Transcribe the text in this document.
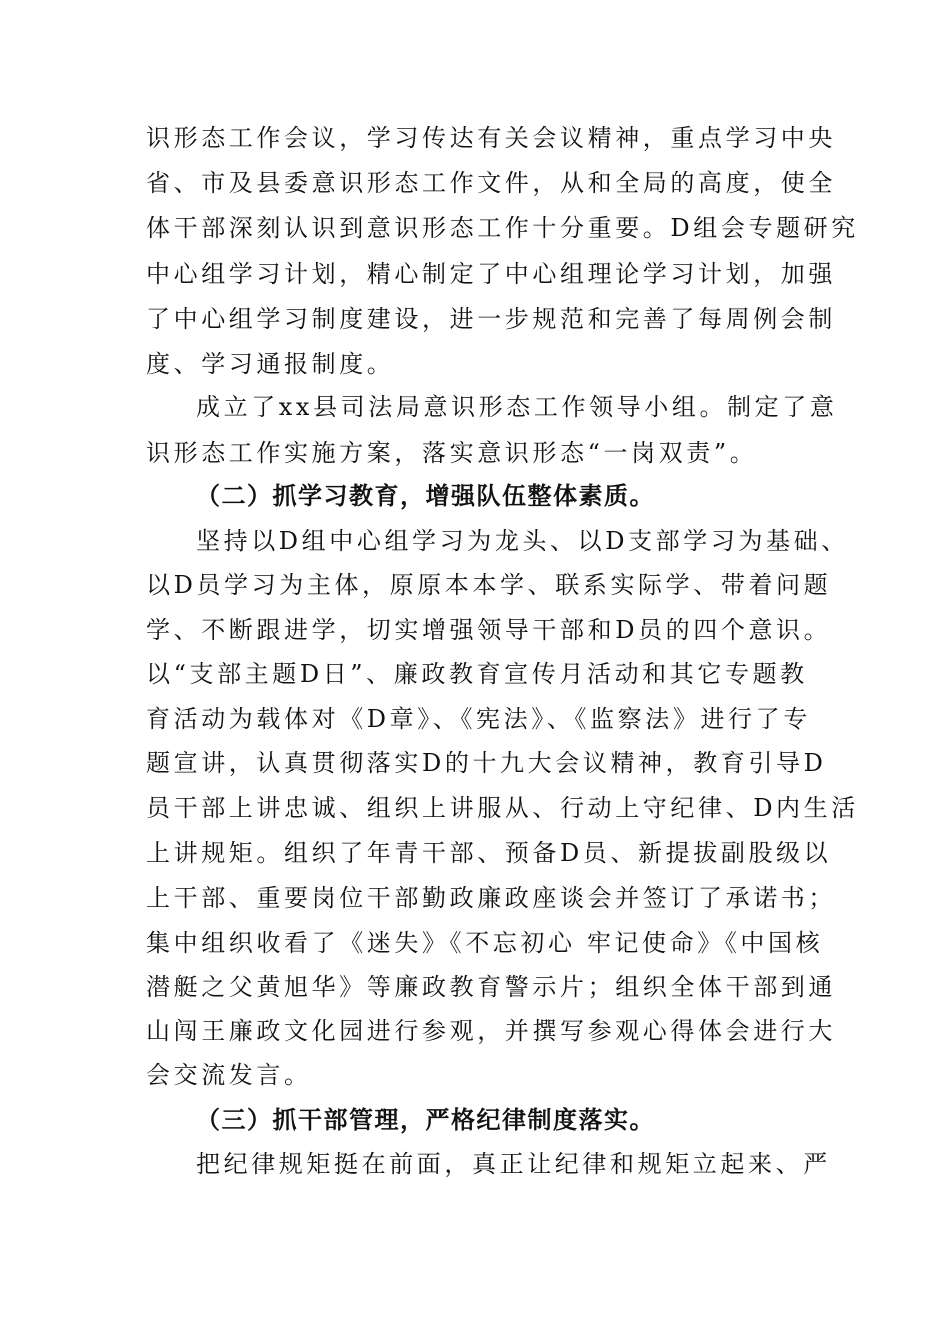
识形态工作会议，学习传达有关会议精神，重点学习中央
省、市及县委意识形态工作文件，从和全局的高度，使全
体干部深刻认识到意识形态工作十分重要。D组会专题研究
中心组学习计划，精心制定了中心组理论学习计划，加强
了中心组学习制度建设，进一步规范和完善了每周例会制
度、学习通报制度。
成立了xx县司法局意识形态工作领导小组。制定了意
识形态工作实施方案，落实意识形态“一岗双责”。
（二）抓学习教育，增强队伍整体素质。
坚持以D组中心组学习为龙头、以D支部学习为基础、
以D员学习为主体，原原本本学、联系实际学、带着问题
学、不断跟进学，切实增强领导干部和D员的四个意识。
以“支部主题D日”、廉政教育宣传月活动和其它专题教
育活动为载体对《D章》、《宪法》、《监察法》进行了专
题宣讲，认真贯彻落实D的十九大会议精神，教育引导D
员干部上讲忠诚、组织上讲服从、行动上守纪律、D内生活
上讲规矩。组织了年青干部、预备D员、新提拔副股级以
上干部、重要岗位干部勤政廉政座谈会并签订了承诺书；
集中组织收看了《迷失》《不忘初心 牢记使命》《中国核
潜艇之父黄旭华》等廉政教育警示片；组织全体干部到通
山闯王廉政文化园进行参观，并撰写参观心得体会进行大
会交流发言。
（三）抓干部管理，严格纪律制度落实。
把纪律规矩挺在前面，真正让纪律和规矩立起来、严
